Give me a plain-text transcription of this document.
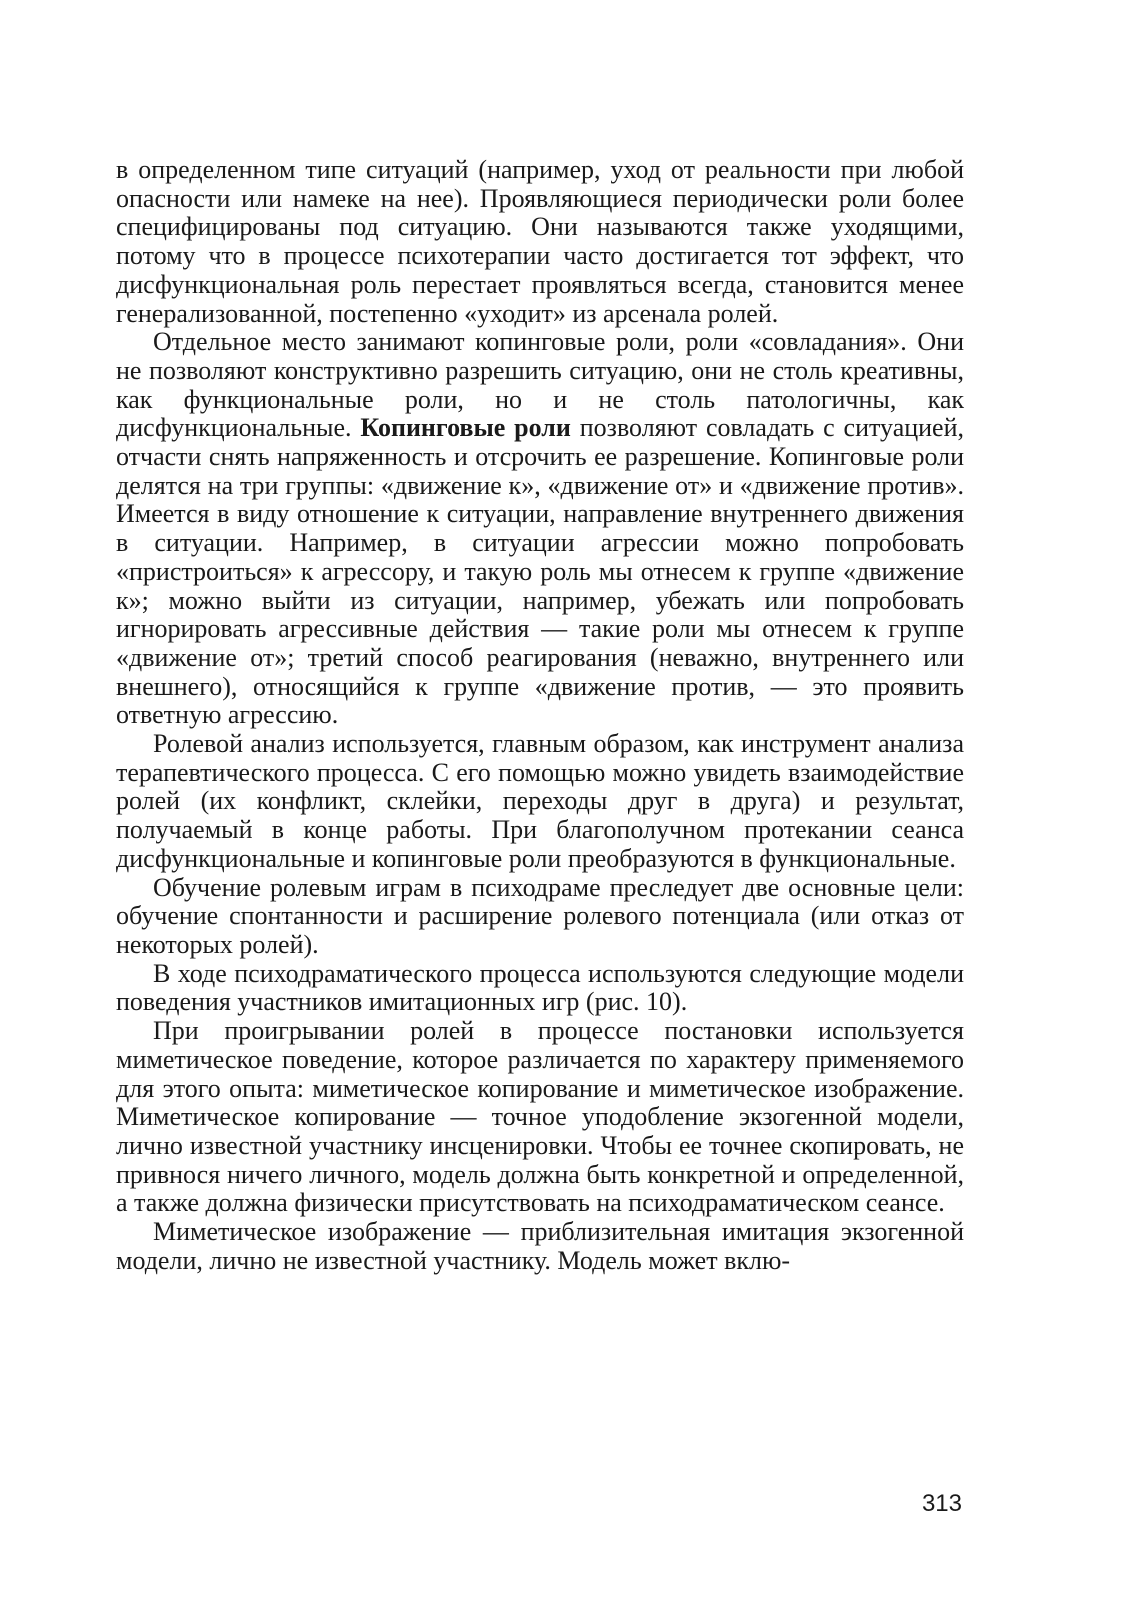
в определенном типе ситуаций (например, уход от реальности при любой опасности или намеке на нее). Проявляющиеся периодически роли более специфицированы под ситуацию. Они называются также уходящими, потому что в процессе психотерапии часто достигается тот эффект, что дисфункциональная роль перестает проявляться всегда, становится менее генерализованной, постепенно «уходит» из арсенала ролей.

Отдельное место занимают копинговые роли, роли «совладания». Они не позволяют конструктивно разрешить ситуацию, они не столь креативны, как функциональные роли, но и не столь патологичны, как дисфункциональные. Копинговые роли позволяют совладать с ситуацией, отчасти снять напряженность и отсрочить ее разрешение. Копинговые роли делятся на три группы: «движение к», «движение от» и «движение против». Имеется в виду отношение к ситуации, направление внутреннего движения в ситуации. Например, в ситуации агрессии можно попробовать «пристроиться» к агрессору, и такую роль мы отнесем к группе «движение к»; можно выйти из ситуации, например, убежать или попробовать игнорировать агрессивные действия — такие роли мы отнесем к группе «движение от»; третий способ реагирования (неважно, внутреннего или внешнего), относящийся к группе «движение против, — это проявить ответную агрессию.

Ролевой анализ используется, главным образом, как инструмент анализа терапевтического процесса. С его помощью можно увидеть взаимодействие ролей (их конфликт, склейки, переходы друг в друга) и результат, получаемый в конце работы. При благополучном протекании сеанса дисфункциональные и копинговые роли преобразуются в функциональные.

Обучение ролевым играм в психодраме преследует две основные цели: обучение спонтанности и расширение ролевого потенциала (или отказ от некоторых ролей).

В ходе психодраматического процесса используются следующие модели поведения участников имитационных игр (рис. 10).

При проигрывании ролей в процессе постановки используется миметическое поведение, которое различается по характеру применяемого для этого опыта: миметическое копирование и миметическое изображение. Миметическое копирование — точное уподобление экзогенной модели, лично известной участнику инсценировки. Чтобы ее точнее скопировать, не привнося ничего личного, модель должна быть конкретной и определенной, а также должна физически присутствовать на психодраматическом сеансе.

Миметическое изображение — приблизительная имитация экзогенной модели, лично не известной участнику. Модель может вклю-

313
